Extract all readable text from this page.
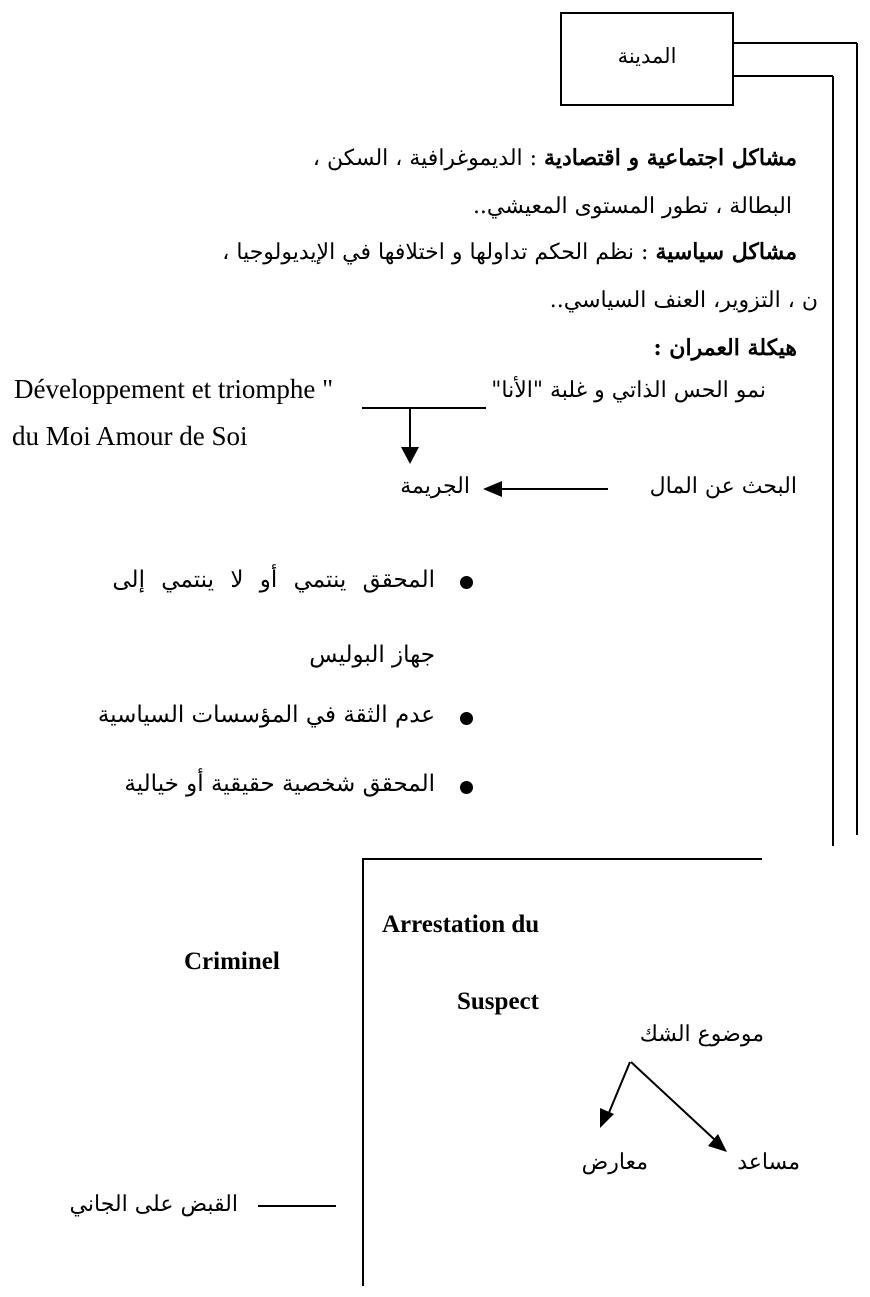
المدينة
مشاكل اجتماعية و اقتصادية : الديموغرافية ، السكن ،
البطالة ، تطور المستوى المعيشي..
مشاكل سياسية : نظم الحكم تداولها و اختلافها في الإيديولوجيا ،
ن ، التزوير، العنف السياسي..
هيكلة العمران :
نمو الحس الذاتي و غلبة "الأنا"
Développement et triomphe "
du Moi Amour de Soi
البحث عن المال
الجريمة
المحقق ينتمي أو لا ينتمي إلى
جهاز البوليس
عدم الثقة في المؤسسات السياسية
المحقق شخصية حقيقية أو خيالية
Arrestation du
Suspect
Criminel
موضوع الشك
مساعد
معارض
القبض على الجاني
